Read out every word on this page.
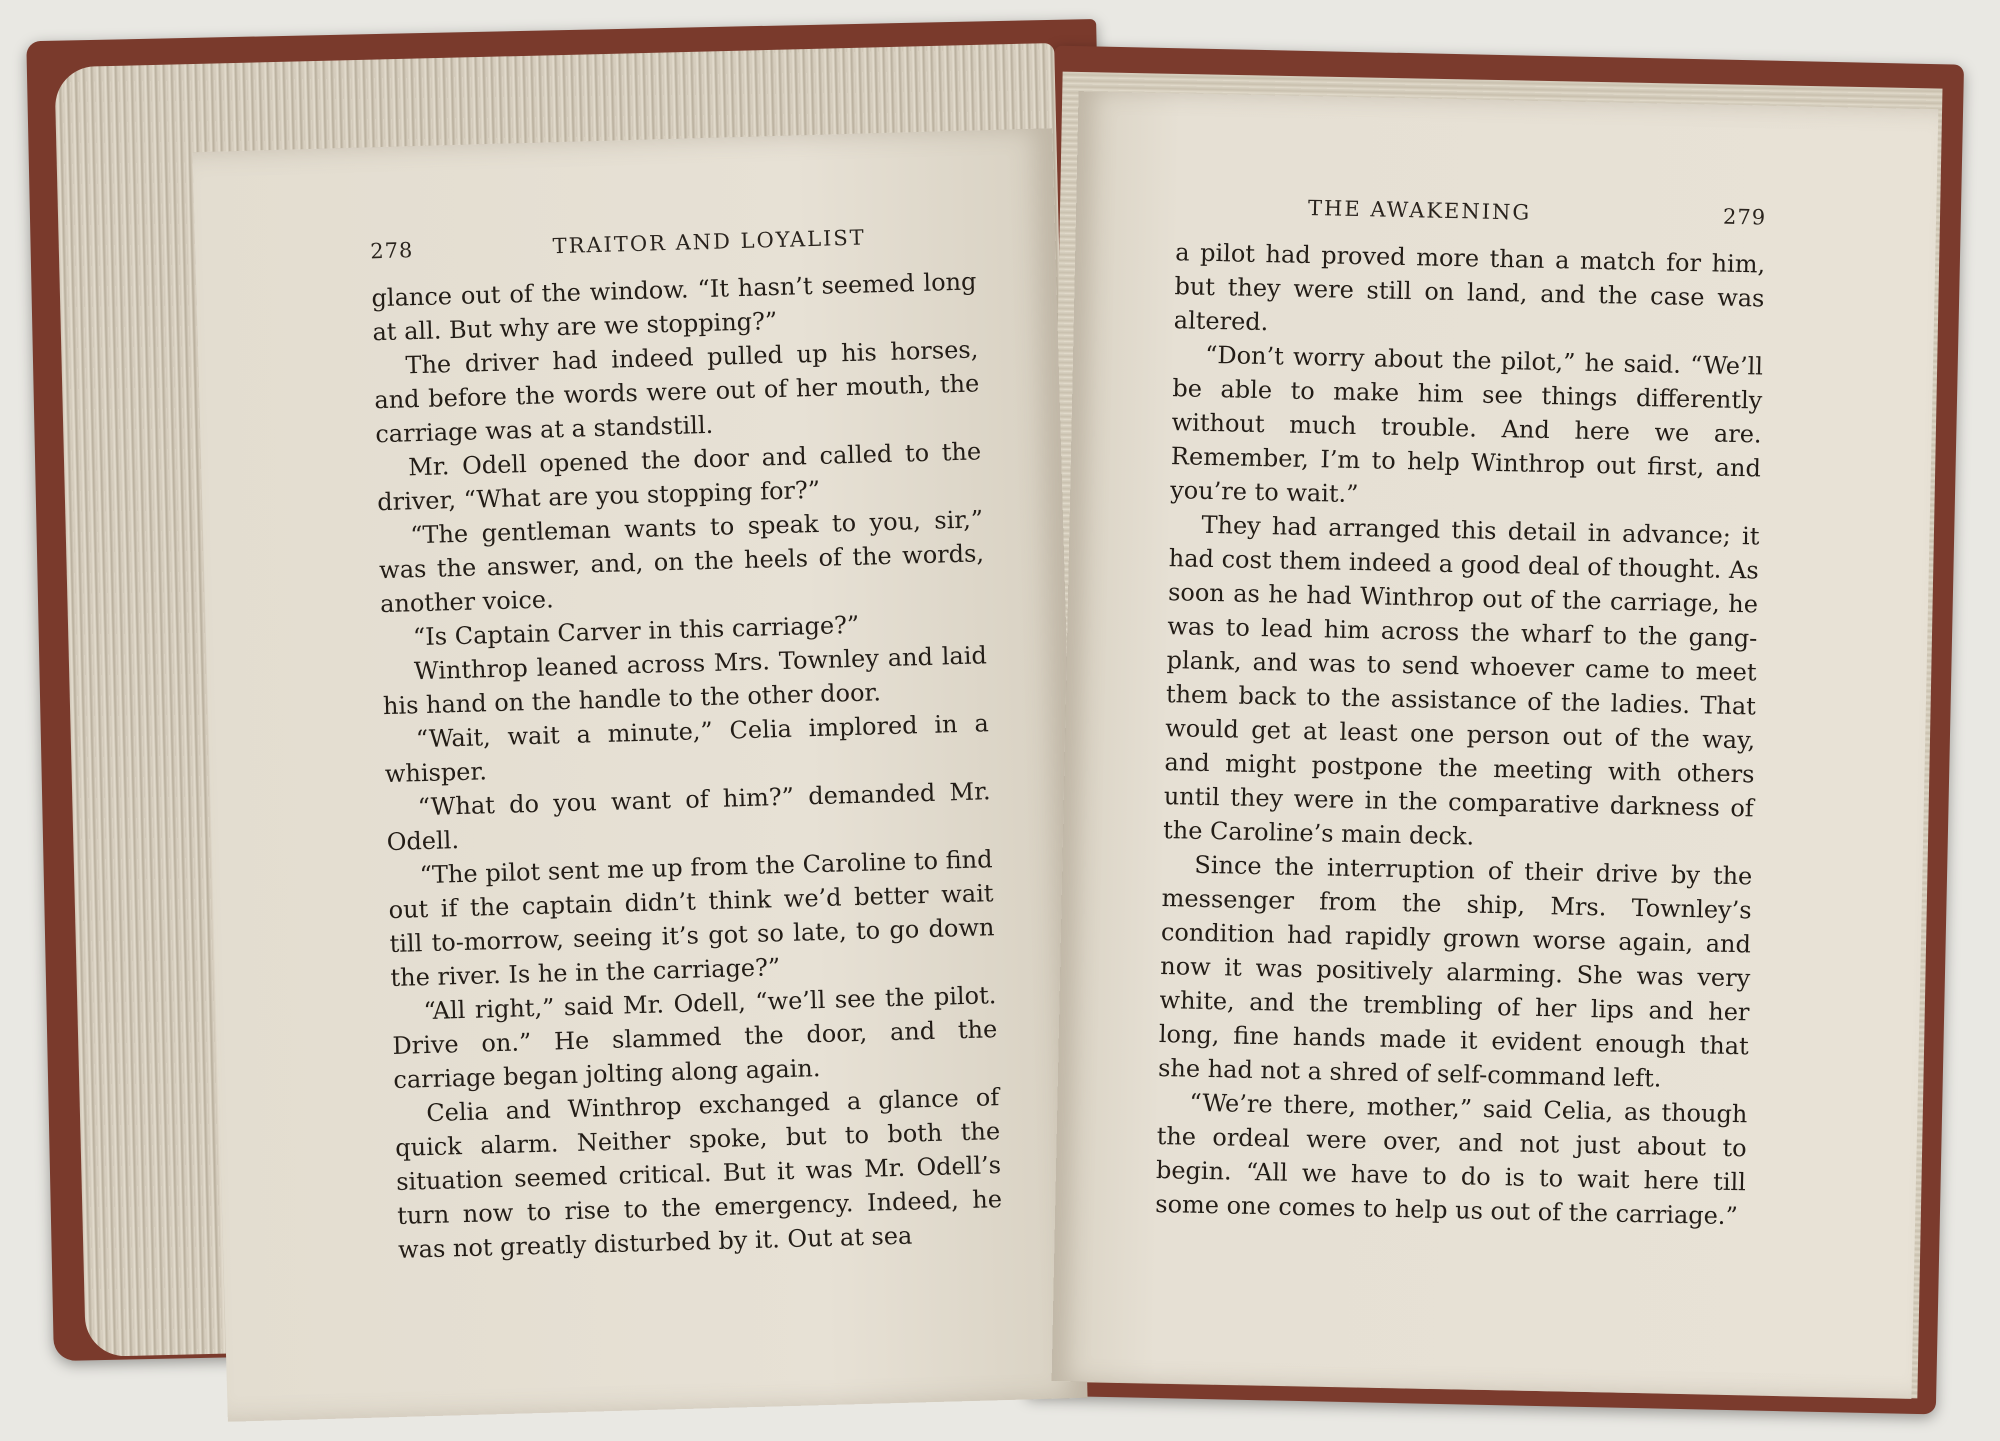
278	TRAITOR AND LOYALIST

glance out of the window. “It hasn’t seemed long at all. But why are we stopping?”

The driver had indeed pulled up his horses, and before the words were out of her mouth, the carriage was at a standstill.

Mr. Odell opened the door and called to the driver, “What are you stopping for?”

“The gentleman wants to speak to you, sir,” was the answer, and, on the heels of the words, another voice.

“Is Captain Carver in this carriage?”

Winthrop leaned across Mrs. Townley and laid his hand on the handle to the other door.

“Wait, wait a minute,” Celia implored in a whisper.

“What do you want of him?” demanded Mr. Odell.

“The pilot sent me up from the Caroline to find out if the captain didn’t think we’d better wait till to-morrow, seeing it’s got so late, to go down the river. Is he in the carriage?”

“All right,” said Mr. Odell, “we’ll see the pilot. Drive on.” He slammed the door, and the carriage began jolting along again.

Celia and Winthrop exchanged a glance of quick alarm. Neither spoke, but to both the situation seemed critical. But it was Mr. Odell’s turn now to rise to the emergency. Indeed, he was not greatly disturbed by it. Out at sea

THE AWAKENING	279

a pilot had proved more than a match for him, but they were still on land, and the case was altered.

“Don’t worry about the pilot,” he said. “We’ll be able to make him see things differently without much trouble. And here we are. Remember, I’m to help Winthrop out first, and you’re to wait.”

They had arranged this detail in advance; it had cost them indeed a good deal of thought. As soon as he had Winthrop out of the carriage, he was to lead him across the wharf to the gang-plank, and was to send whoever came to meet them back to the assistance of the ladies. That would get at least one person out of the way, and might postpone the meeting with others until they were in the comparative darkness of the Caroline’s main deck.

Since the interruption of their drive by the messenger from the ship, Mrs. Townley’s condition had rapidly grown worse again, and now it was positively alarming. She was very white, and the trembling of her lips and her long, fine hands made it evident enough that she had not a shred of self-command left.

“We’re there, mother,” said Celia, as though the ordeal were over, and not just about to begin. “All we have to do is to wait here till some one comes to help us out of the carriage.”
